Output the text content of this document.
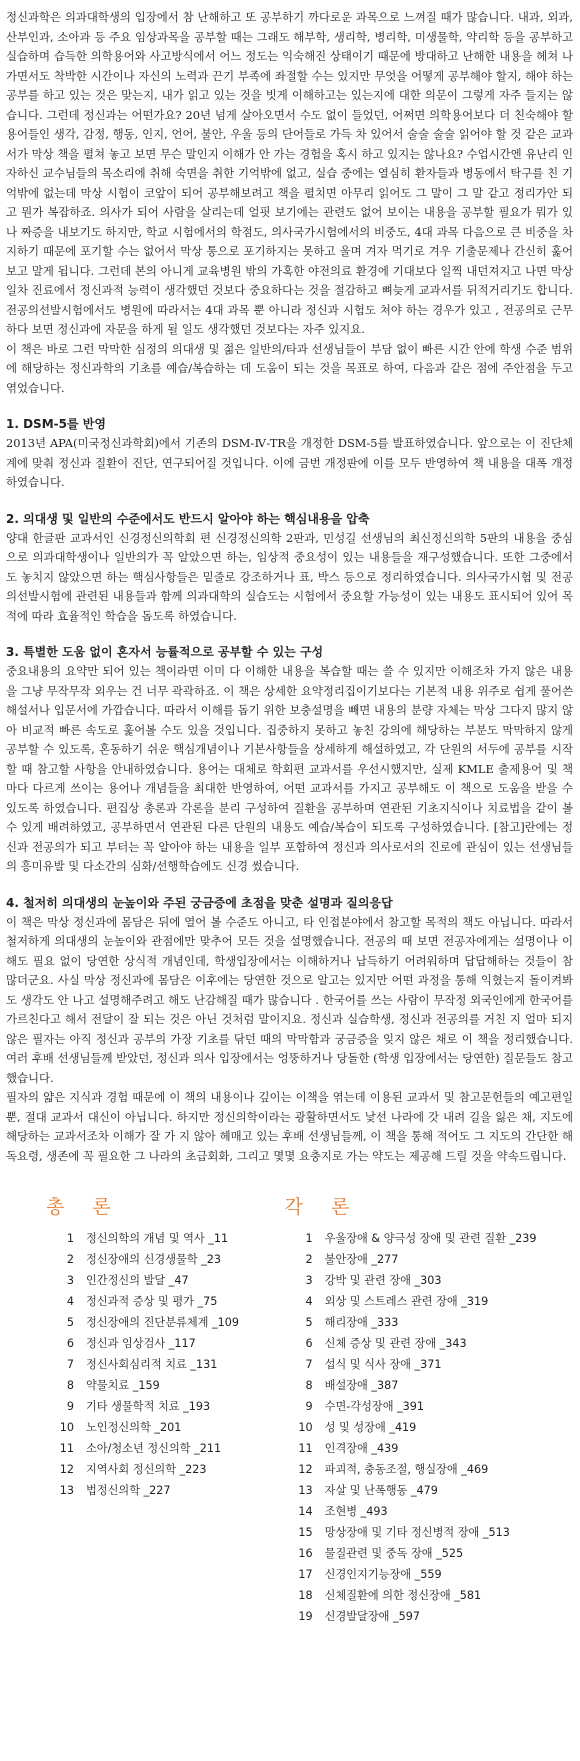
정신과학은 의과대학생의 입장에서 참 난해하고 또 공부하기 까다로운 과목으로 느껴질 때가 많습니다. 내과, 외과, 산부인과, 소아과 등 주요 임상과목을 공부할 때는 그래도 해부학, 생리학, 병리학, 미생물학, 약리학 등을 공부하고 실습하며 습득한 의학용어와 사고방식에서 어느 정도는 익숙해진 상태이기 때문에 방대하고 난해한 내용을 헤쳐 나가면서도 착박한 시간이나 자신의 노력과 끈기 부족에 좌절할 수는 있지만 무엇을 어떻게 공부해야 할지, 해야 하는 공부를 하고 있는 것은 맞는지, 내가 읽고 있는 것을 빗게 이해하고는 있는지에 대한 의문이 그렇게 자주 들지는 않습니다. 그런데 정신과는 어떤가요? 20년 넘게 살아오면서 수도 없이 들었던, 어쩌면 의학용어보다 더 친숙해야 할 용어들인 생각, 감정, 행동, 인지, 언어, 불안, 우울 등의 단어들로 가득 차 있어서 술술 술술 읽어야 할 것 같은 교과서가 막상 책을 펼쳐 놓고 보면 무슨 말인지 이해가 안 가는 경험을 혹시 하고 있지는 않나요? 수업시간엔 유난리 인자하신 교수님들의 목소리에 취해 숙면을 취한 기억밖에 없고, 실습 중에는 열심히 환자들과 병동에서 탁구를 친 기억밖에 없는데 막상 시험이 코앞이 되어 공부해보려고 책을 펼치면 아무리 읽어도 그 말이 그 말 같고 정리가안 되고 뭔가 복잡하죠. 의사가 되어 사람을 살리는데 얼핏 보기에는 관련도 없어 보이는 내용을 공부할 필요가 뭐가 있나 짜증을 내보기도 하지만, 학교 시험에서의 학점도, 의사국가시험에서의 비중도, 4대 과목 다음으로 큰 비중을 차지하기 때문에 포기할 수는 없어서 막상 통으로 포기하지는 못하고 울며 겨자 먹기로 겨우 기출문제나 간신히 훑어보고 말게 됩니다. 그런데 본의 아니게 교육병원 밖의 가혹한 야전의료 환경에 기대보다 일찍 내던져지고 나면 막상 일차 진료에서 정신과적 능력이 생각했던 것보다 중요하다는 것을 절감하고 뼈늦게 교과서를 뒤적거리기도 합니다. 전공의선발시험에서도 병원에 따라서는 4대 과목 뿐 아니라 정신과 시험도 쳐야 하는 경우가 있고 , 전공의로 근무하다 보면 정신과에 자문을 하게 될 일도 생각했던 것보다는 자주 있지요.

이 책은 바로 그런 막막한 심정의 의대생 및 젊은 일반의/타과 선생님들이 부담 없이 빠른 시간 안에 학생 수준 범위에 해당하는 정신과학의 기초를 예습/복습하는 데 도움이 되는 것을 목표로 하여, 다음과 같은 점에 주안점을 두고 엮었습니다.

1. DSM-5를 반영

2013년 APA(미국정신과학회)에서 기존의 DSM-Ⅳ-TR을 개정한 DSM-5를 발표하였습니다. 앞으로는 이 진단체계에 맞춰 정신과 질환이 진단, 연구되어질 것입니다. 이에 금번 개정판에 이를 모두 반영하여 책 내용을 대폭 개정하였습니다.

2. 의대생 및 일반의 수준에서도 반드시 알아야 하는 핵심내용을 압축

양대 한글판 교과서인 신경정신의학회 편 신경정신의학 2판과, 민성길 선생님의 최신정신의학 5판의 내용을 중심으로 의과대학생이나 일반의가 꼭 알았으면 하는, 임상적 중요성이 있는 내용들을 재구성했습니다. 또한 그중에서도 놓치지 않았으면 하는 핵심사항들은 밑줄로 강조하거나 표, 박스 등으로 정리하였습니다. 의사국가시험 및 전공의선발시험에 관련된 내용들과 함께 의과대학의 실습도는 시험에서 중요할 가능성이 있는 내용도 표시되어 있어 목적에 따라 효율적인 학습을 돕도록 하였습니다.

3. 특별한 도움 없이 혼자서 능률적으로 공부할 수 있는 구성

중요내용의 요약만 되어 있는 책이라면 이미 다 이해한 내용을 복습할 때는 쓸 수 있지만 이해조차 가지 않은 내용을 그냥 무작무작 외우는 건 너무 곽곽하죠. 이 책은 상세한 요약정리집이기보다는 기본적 내용 위주로 쉽게 풀어쓴 해설서나 입문서에 가깝습니다. 따라서 이해를 돕기 위한 보충설명을 빼면 내용의 분량 자체는 막상 그다지 많지 않아 비교적 빠른 속도로 훑어볼 수도 있을 것입니다. 집중하지 못하고 놓친 강의에 해당하는 부분도 막막하지 않게 공부할 수 있도록, 혼동하기 쉬운 핵심개념이나 기본사항들을 상세하게 해설하였고, 각 단원의 서두에 공부를 시작할 때 참고할 사항을 안내하였습니다. 용어는 대체로 학회편 교과서를 우선시했지만, 실제 KMLE 출제용어 및 책마다 다르게 쓰이는 용어나 개념들을 최대한 반영하여, 어떤 교과서를 가지고 공부해도 이 책으로 도움을 받을 수 있도록 하였습니다. 편집상 총론과 각론을 분리 구성하여 질환을 공부하며 연관된 기초지식이나 치료법을 같이 볼 수 있게 배려하였고, 공부하면서 연관된 다른 단원의 내용도 예습/복습이 되도록 구성하였습니다. [참고]란에는 정신과 전공의가 되고 부터는 꼭 알아야 하는 내용을 일부 포함하여 정신과 의사로서의 진로에 관심이 있는 선생님들의 흥미유발 및 다소간의 심화/선행학습에도 신경 썼습니다.

4. 철저히 의대생의 눈높이와 주된 궁금증에 초점을 맞춘 설명과 질의응답

이 책은 막상 정신과에 몸담은 뒤에 열어 볼 수준도 아니고, 타 인접분야에서 참고할 목적의 책도 아닙니다. 따라서 철저하게 의대생의 눈높이와 관점에만 맞추어 모든 것을 설명했습니다. 전공의 때 보면 전공자에게는 설명이나 이해도 필요 없이 당연한 상식적 개념인데, 학생입장에서는 이해하거나 납득하기 어려워하며 답답해하는 것들이 참 많더군요. 사실 막상 정신과에 몸담은 이후에는 당연한 것으로 알고는 있지만 어떤 과정을 통해 익혔는지 돌이켜봐도 생각도 안 나고 설명해주려고 해도 난감해질 때가 많습니다 . 한국어를 쓰는 사람이 무작정 외국인에게 한국어를 가르친다고 해서 전달이 잘 되는 것은 아닌 것처럼 말이지요. 정신과 실습학생, 정신과 전공의를 거친 지 얼마 되지 않은 필자는 아직 정신과 공부의 가장 기초를 닦던 때의 막막함과 궁금증을 잊지 않은 채로 이 책을 정리했습니다. 여러 후배 선생님들께 받았던, 정신과 의사 입장에서는 엉뚱하거나 당돌한 (학생 입장에서는 당연한) 질문들도 참고했습니다.

필자의 얇은 지식과 경험 때문에 이 책의 내용이나 깊이는 이책을 엮는데 이용된 교과서 및 참고문헌들의 예고편일 뿐, 절대 교과서 대신이 아닙니다. 하지만 정신의학이라는 광활하면서도 낯선 나라에 갓 내려 길을 잃은 채, 지도에 해당하는 교과서조차 이해가 잘 가 지 않아 헤매고 있는 후배 선생님들께, 이 책을 통해 적어도 그 지도의 간단한 해독요령, 생존에 꼭 필요한 그 나라의 초급회화, 그리고 몇몇 요충지로 가는 약도는 제공해 드릴 것을 약속드립니다.

총 론
1	정신의학의 개념 및 역사 _11
2	정신장애의 신경생물학 _23
3	인간정신의 발달 _47
4	정신과적 증상 및 평가 _75
5	정신장애의 진단분류체계 _109
6	정신과 임상검사 _117
7	정신사회심리적 치료 _131
8	약물치료 _159
9	기타 생물학적 치료 _193
10	노인정신의학 _201
11	소아/청소년 정신의학 _211
12	지역사회 정신의학 _223
13	법정신의학 _227
각 론
1	우울장애 & 양극성 장애 및 관련 질환 _239
2	불안장애 _277
3	강박 및 관련 장애 _303
4	외상 및 스트레스 관련 장애 _319
5	해리장애 _333
6	신체 증상 및 관련 장애 _343
7	섭식 및 식사 장애 _371
8	배설장애 _387
9	수면-각성장애 _391
10	성 및 성장애 _419
11	인격장애 _439
12	파괴적, 충동조절, 행실장애 _469
13	자살 및 난폭행동 _479
14	조현병 _493
15	망상장애 및 기타 정신병적 장애 _513
16	물질관련 및 중독 장애 _525
17	신경인지기능장애 _559
18	신체질환에 의한 정신장애 _581
19	신경발달장애 _597
